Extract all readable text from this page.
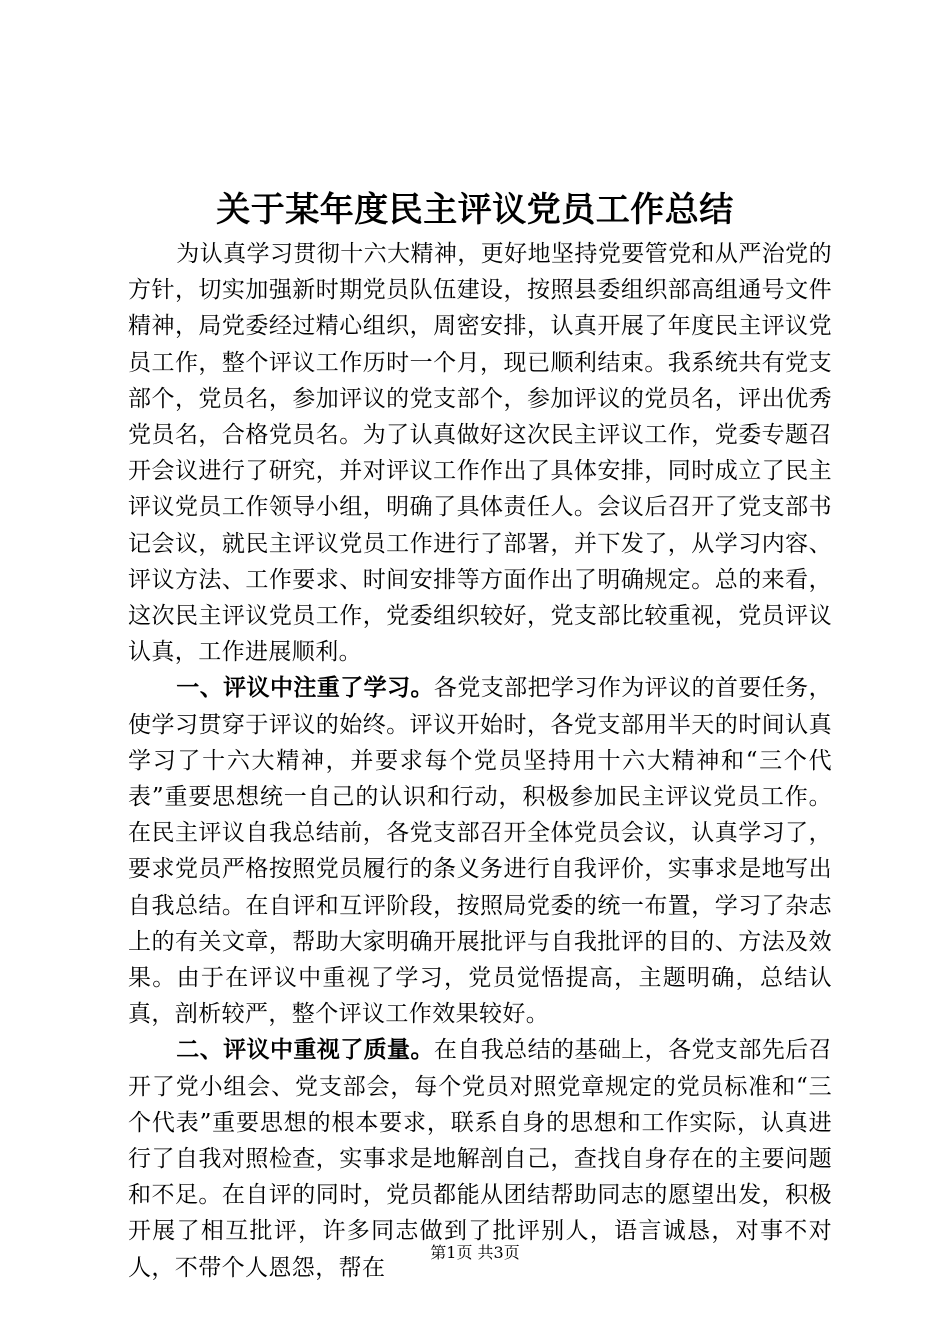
关于某年度民主评议党员工作总结

为认真学习贯彻十六大精神，更好地坚持党要管党和从严治党的方针，切实加强新时期党员队伍建设，按照县委组织部高组通号文件精神，局党委经过精心组织，周密安排，认真开展了年度民主评议党员工作，整个评议工作历时一个月，现已顺利结束。我系统共有党支部个，党员名，参加评议的党支部个，参加评议的党员名，评出优秀党员名，合格党员名。为了认真做好这次民主评议工作，党委专题召开会议进行了研究，并对评议工作作出了具体安排，同时成立了民主评议党员工作领导小组，明确了具体责任人。会议后召开了党支部书记会议，就民主评议党员工作进行了部署，并下发了，从学习内容、评议方法、工作要求、时间安排等方面作出了明确规定。总的来看，这次民主评议党员工作，党委组织较好，党支部比较重视，党员评议认真，工作进展顺利。

一、评议中注重了学习。各党支部把学习作为评议的首要任务，使学习贯穿于评议的始终。评议开始时，各党支部用半天的时间认真学习了十六大精神，并要求每个党员坚持用十六大精神和“三个代表”重要思想统一自己的认识和行动，积极参加民主评议党员工作。在民主评议自我总结前，各党支部召开全体党员会议，认真学习了，要求党员严格按照党员履行的条义务进行自我评价，实事求是地写出自我总结。在自评和互评阶段，按照局党委的统一布置，学习了杂志上的有关文章，帮助大家明确开展批评与自我批评的目的、方法及效果。由于在评议中重视了学习，党员觉悟提高，主题明确，总结认真，剖析较严，整个评议工作效果较好。

二、评议中重视了质量。在自我总结的基础上，各党支部先后召开了党小组会、党支部会，每个党员对照党章规定的党员标准和“三个代表”重要思想的根本要求，联系自身的思想和工作实际，认真进行了自我对照检查，实事求是地解剖自己，查找自身存在的主要问题和不足。在自评的同时，党员都能从团结帮助同志的愿望出发，积极开展了相互批评，许多同志做到了批评别人，语言诚恳，对事不对人，不带个人恩怨，帮在

第1页 共3页
